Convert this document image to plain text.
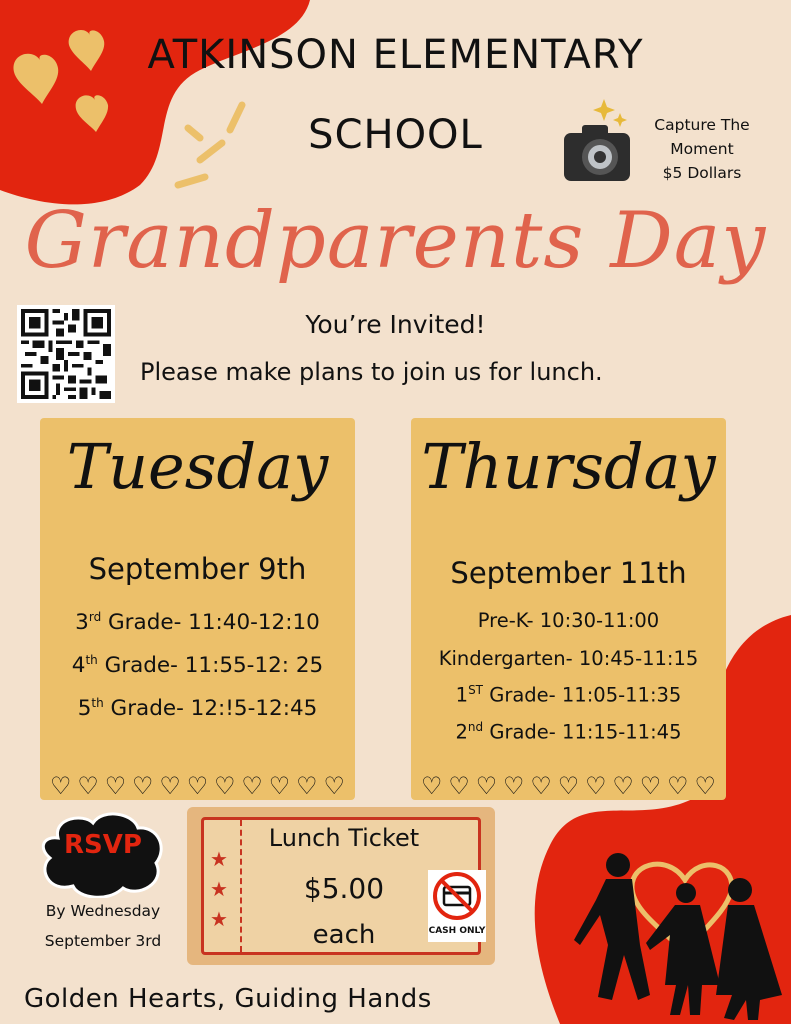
ATKINSON ELEMENTARY
SCHOOL	Capture The
Moment
$5 Dollars
Grandparents Day
You’re Invited!
Please make plans to join us for lunch.
Tuesday
September 9th
3rd Grade- 11:40-12:10
4th Grade- 11:55-12: 25
5th Grade- 12:!5-12:45
♡ ♡ ♡ ♡ ♡ ♡ ♡ ♡ ♡ ♡ ♡
Thursday
September 11th
Pre-K- 10:30-11:00
Kindergarten- 10:45-11:15
1ST Grade- 11:05-11:35
2nd Grade- 11:15-11:45
♡ ♡ ♡ ♡ ♡ ♡ ♡ ♡ ♡ ♡ ♡
RSVP
By Wednesday
September 3rd
★
★
★
Lunch Ticket
$5.00
each	CASH ONLY
Golden Hearts, Guiding Hands
